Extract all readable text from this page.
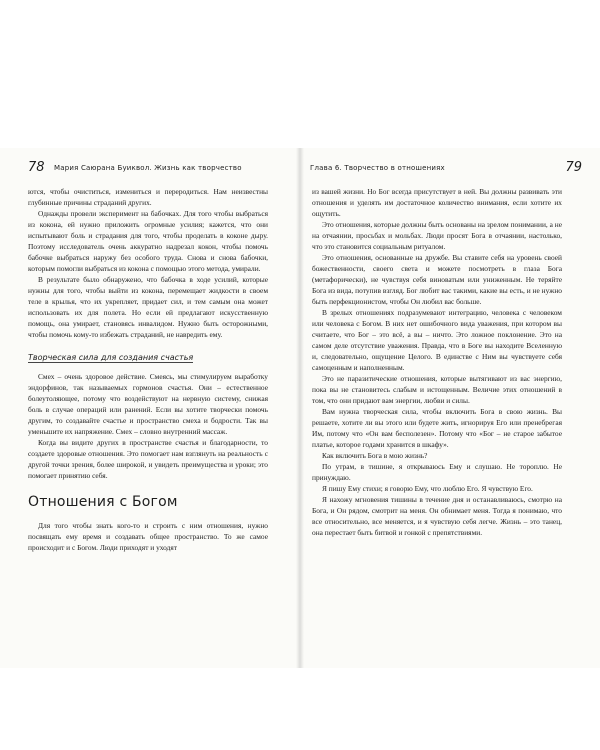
78 Мария Саюрана Буиквол. Жизнь как творчество

ются, чтобы очиститься, измениться и переродиться. Нам неизвестны глубинные причины страданий других.

Однажды провели эксперимент на бабочках. Для того чтобы выбраться из кокона, ей нужно приложить огромные усилия; кажется, что они испытывают боль и страдания для того, чтобы проделать в коконе дыру. Поэтому исследователь очень аккуратно надрезал кокон, чтобы помочь бабочке выбраться наружу без особого труда. Снова и снова бабочки, которым помогли выбраться из кокона с помощью этого метода, умирали.

В результате было обнаружено, что бабочка в ходе усилий, которые нужны для того, чтобы выйти из кокона, перемещает жидкости в своем теле в крылья, что их укрепляет, придает сил, и тем самым она может использовать их для полета. Но если ей предлагают искусственную помощь, она умирает, становясь инвалидом. Нужно быть осторожными, чтобы помочь кому-то избежать страданий, не навредить ему.

Творческая сила для создания счастья

Смех – очень здоровое действие. Смеясь, мы стимулируем выработку эндорфинов, так называемых гормонов счастья. Они – естественное болеутоляющее, потому что воздействуют на нервную систему, снижая боль в случае операций или ранений. Если вы хотите творчески помочь другим, то создавайте счастье и пространство смеха и бодрости. Так вы уменьшите их напряжение. Смех – словно внутренний массаж.

Когда вы видите других в пространстве счастья и благодарности, то создаете здоровые отношения. Это помогает нам взглянуть на реальность с другой точки зрения, более широкой, и увидеть преимущества и уроки; это помогает принятию себя.

Отношения с Богом

Для того чтобы знать кого-то и строить с ним отношения, нужно посвящать ему время и создавать общее пространство. То же самое происходит и с Богом. Люди приходят и уходят

Глава 6. Творчество в отношениях	79

из вашей жизни. Но Бог всегда присутствует в ней. Вы должны развивать эти отношения и уделять им достаточное количество внимания, если хотите их ощутить.

Это отношения, которые должны быть основаны на зрелом понимании, а не на отчаянии, просьбах и мольбах. Люди просят Бога в отчаянии, настолько, что это становится социальным ритуалом.

Это отношения, основанные на дружбе. Вы ставите себя на уровень своей божественности, своего света и можете посмотреть в глаза Бога (метафорически), не чувствуя себя виноватым или униженным. Не теряйте Бога из вида, потупив взгляд. Бог любит вас такими, какие вы есть, и не нужно быть перфекционистом, чтобы Он любил вас больше.

В зрелых отношениях подразумевают интеграцию, человека с человеком или человека с Богом. В них нет ошибочного вида уважения, при котором вы считаете, что Бог – это всё, а вы – ничто. Это ложное поклонение. Это на самом деле отсутствие уважения. Правда, что в Боге вы находите Вселенную и, следовательно, ощущение Целого. В единстве с Ним вы чувствуете себя самоценным и наполненным.

Это не паразитические отношения, которые вытягивают из вас энергию, пока вы не становитесь слабым и истощенным. Величие этих отношений в том, что они придают вам энергии, любви и силы.

Вам нужна творческая сила, чтобы включить Бога в свою жизнь. Вы решаете, хотите ли вы этого или будете жить, игнорируя Его или пренебрегая Им, потому что «Он вам бесполезен». Потому что «Бог – не старое забытое платье, которое годами хранится в шкафу».

Как включить Бога в мою жизнь?

По утрам, в тишине, я открываюсь Ему и слушаю. Не тороплю. Не принуждаю.

Я пишу Ему стихи; я говорю Ему, что люблю Его. Я чувствую Его.

Я нахожу мгновения тишины в течение дня и останавливаюсь, смотрю на Бога, и Он рядом, смотрит на меня. Он обнимает меня. Тогда я понимаю, что все относительно, все меняется, и я чувствую себя легче. Жизнь – это танец, она перестает быть битвой и гонкой с препятствиями.
